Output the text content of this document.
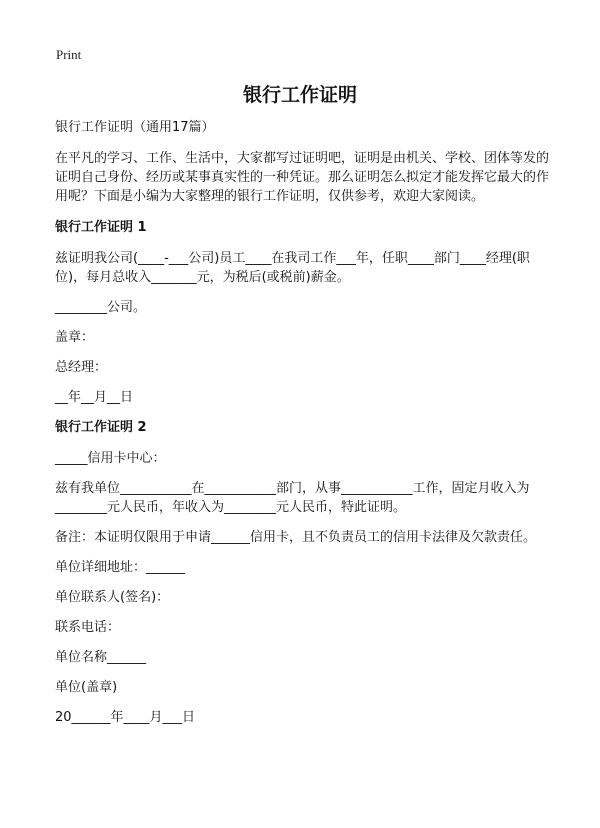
Print
银行工作证明

银行工作证明（通用17篇）

在平凡的学习、工作、生活中，大家都写过证明吧，证明是由机关、学校、团体等发的证明自己身份、经历或某事真实性的一种凭证。那么证明怎么拟定才能发挥它最大的作用呢？下面是小编为大家整理的银行工作证明，仅供参考，欢迎大家阅读。

银行工作证明 1

兹证明我公司(____-___公司)员工____在我司工作___年，任职____部门____经理(职位)，每月总收入_______元，为税后(或税前)薪金。

________公司。

盖章：

总经理：

__年__月__日

银行工作证明 2

_____信用卡中心：

兹有我单位___________在___________部门，从事___________工作，固定月收入为________元人民币，年收入为________元人民币，特此证明。

备注：本证明仅限用于申请______信用卡，且不负责员工的信用卡法律及欠款责任。

单位详细地址：______

单位联系人(签名)：

联系电话：

单位名称______

单位(盖章)

20______年____月___日
